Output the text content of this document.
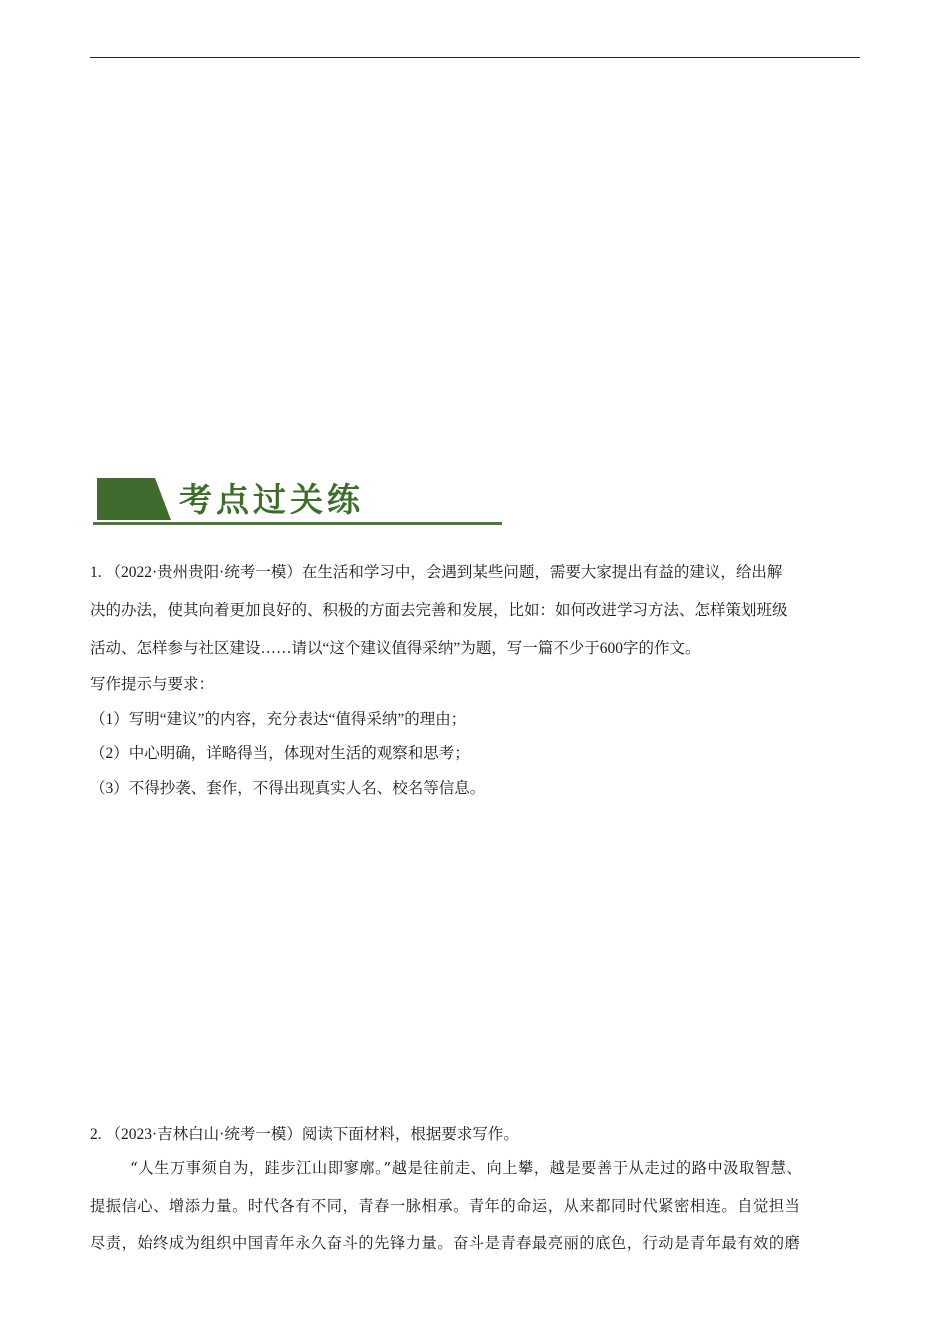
考点过关练
1. （2022·贵州贵阳·统考一模）在生活和学习中，会遇到某些问题，需要大家提出有益的建议，给出解
决的办法，使其向着更加良好的、积极的方面去完善和发展，比如：如何改进学习方法、怎样策划班级
活动、怎样参与社区建设……请以“这个建议值得采纳”为题，写一篇不少于600字的作文。
写作提示与要求：
（1）写明“建议”的内容，充分表达“值得采纳”的理由；
（2）中心明确，详略得当，体现对生活的观察和思考；
（3）不得抄袭、套作，不得出现真实人名、校名等信息。
2. （2023·吉林白山·统考一模）阅读下面材料，根据要求写作。
“人生万事须自为，跬步江山即寥廓。”越是往前走、向上攀，越是要善于从走过的路中汲取智慧、
提振信心、增添力量。时代各有不同，青春一脉相承。青年的命运，从来都同时代紧密相连。自觉担当
尽责，始终成为组织中国青年永久奋斗的先锋力量。奋斗是青春最亮丽的底色，行动是青年最有效的磨
